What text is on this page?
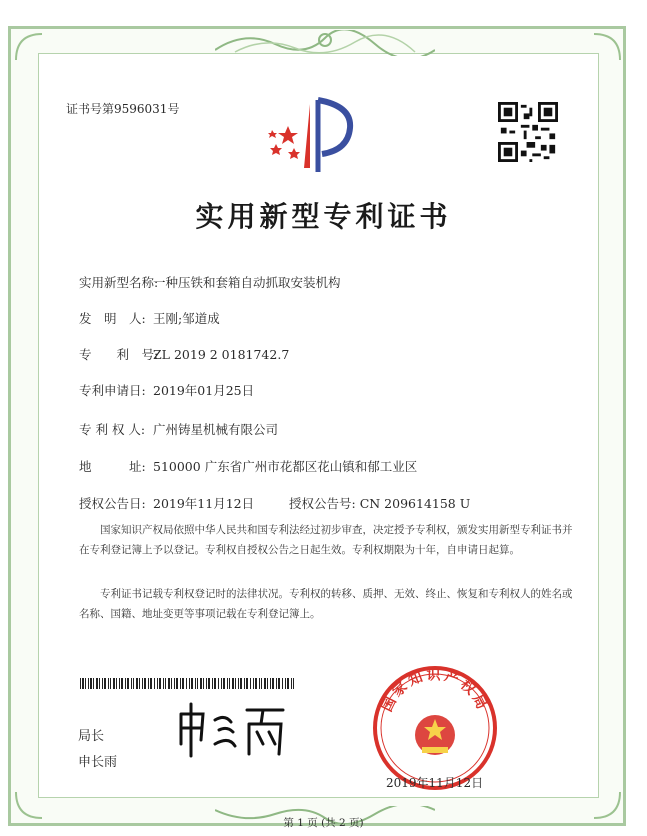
证书号第9596031号
实用新型专利证书
实用新型名称:一种压铁和套箱自动抓取安装机构
发　明　人: 王刚;邹道成
专　　利　号:ZL 2019 2 0181742.7
专利申请日: 2019年01月25日
专 利 权 人: 广州铸星机械有限公司
地　　　址: 510000 广东省广州市花都区花山镇和郁工业区
授权公告日: 2019年11月12日	授权公告号: CN 209614158 U
国家知识产权局依照中华人民共和国专利法经过初步审查，决定授予专利权，颁发实用新型专利证书并在专利登记簿上予以登记。专利权自授权公告之日起生效。专利权期限为十年，自申请日起算。
专利证书记载专利权登记时的法律状况。专利权的转移、质押、无效、终止、恢复和专利权人的姓名或名称、国籍、地址变更等事项记载在专利登记簿上。
局长
申长雨
国家知识产权局
2019年11月12日
第 1 页 (共 2 页)
